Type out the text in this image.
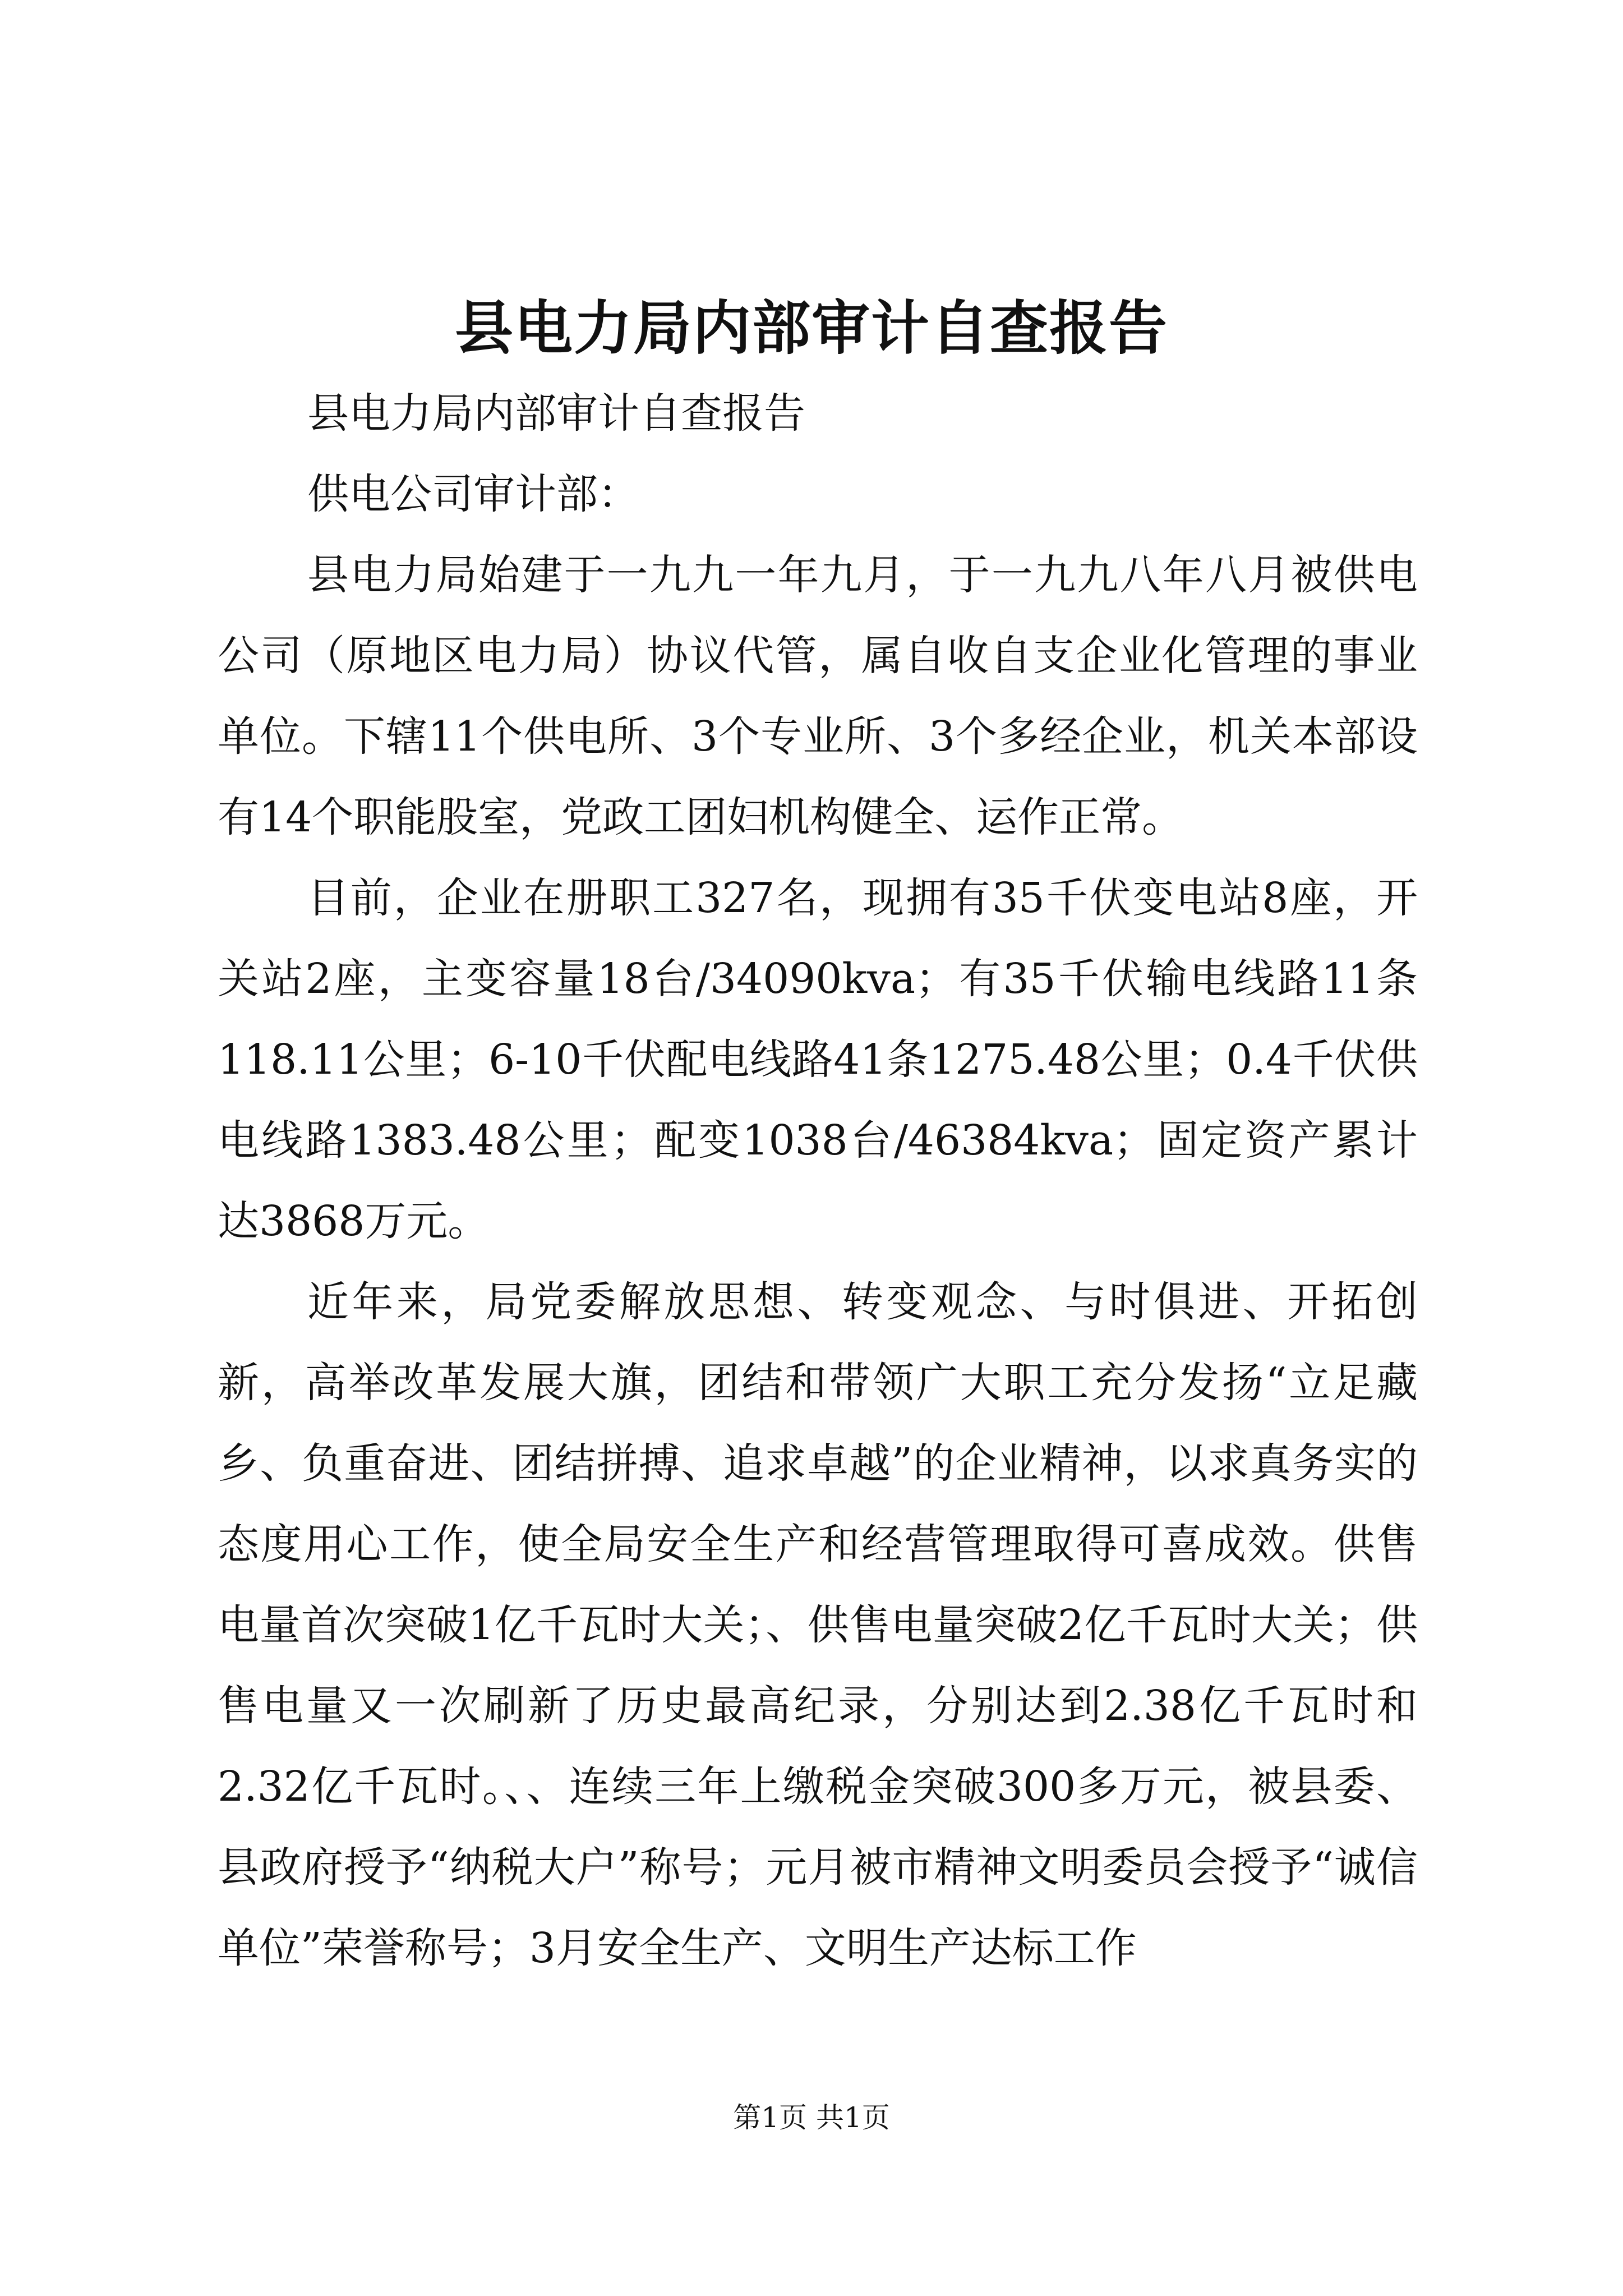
县电力局内部审计自查报告

县电力局内部审计自查报告

供电公司审计部：

县电力局始建于一九九一年九月，于一九九八年八月被供电公司（原地区电力局）协议代管，属自收自支企业化管理的事业单位。下辖11个供电所、3个专业所、3个多经企业，机关本部设有14个职能股室，党政工团妇机构健全、运作正常。

目前，企业在册职工327名，现拥有35千伏变电站8座，开关站2座，主变容量18台/34090kva；有35千伏输电线路11条118.11公里；6-10千伏配电线路41条1275.48公里；0.4千伏供电线路1383.48公里；配变1038台/46384kva；固定资产累计达3868万元。

近年来，局党委解放思想、转变观念、与时俱进、开拓创新，高举改革发展大旗，团结和带领广大职工充分发扬“立足藏乡、负重奋进、团结拼搏、追求卓越”的企业精神，以求真务实的态度用心工作，使全局安全生产和经营管理取得可喜成效。供售电量首次突破1亿千瓦时大关；、供售电量突破2亿千瓦时大关；供售电量又一次刷新了历史最高纪录，分别达到2.38亿千瓦时和2.32亿千瓦时。、、连续三年上缴税金突破300多万元，被县委、县政府授予“纳税大户”称号；元月被市精神文明委员会授予“诚信单位”荣誉称号；3月安全生产、文明生产达标工作

第1页 共1页
